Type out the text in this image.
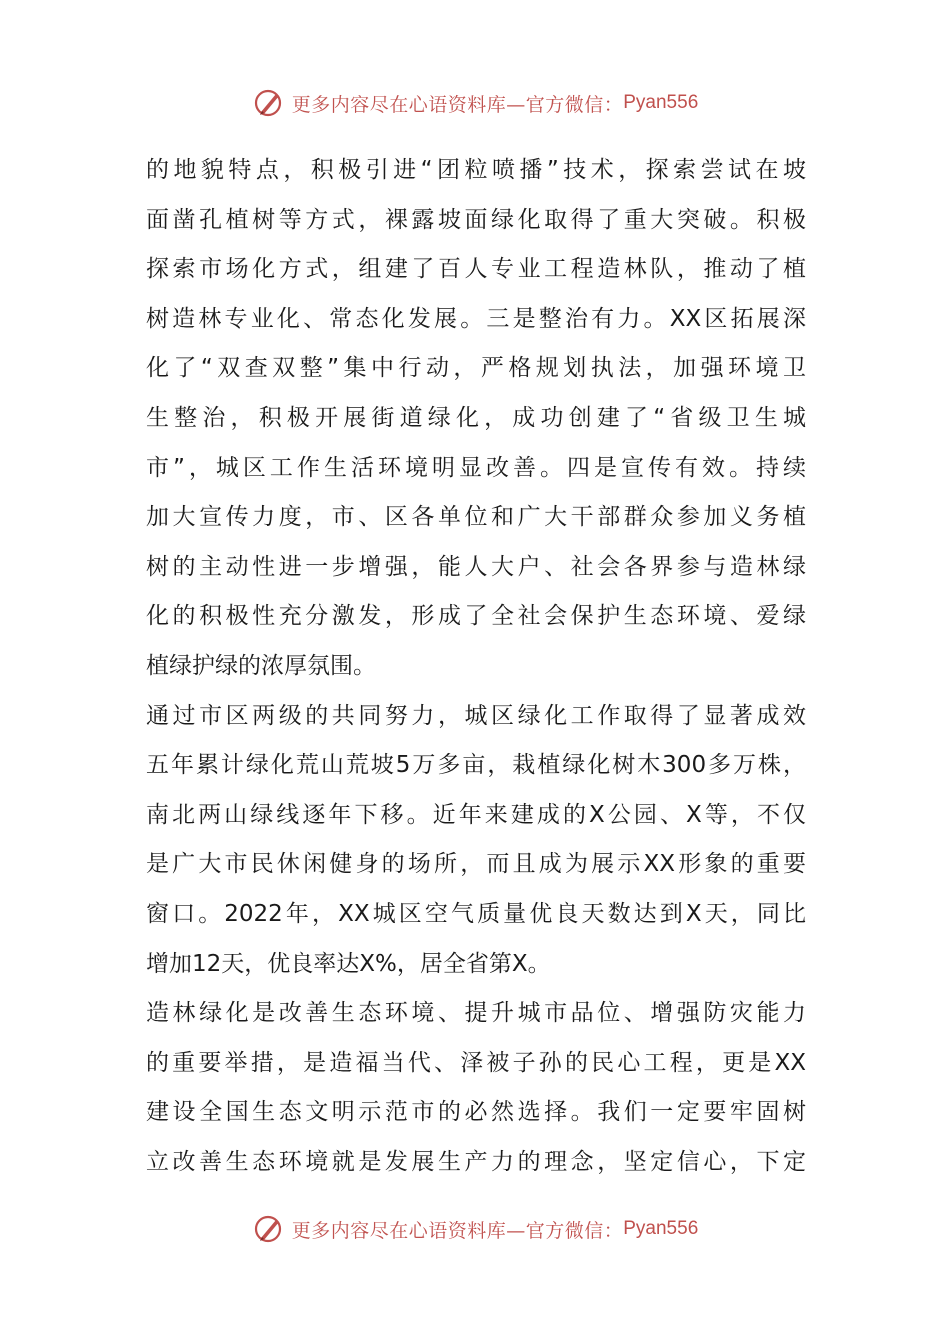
更多内容尽在心语资料库—官方微信： Pyan556
的地貌特点，积极引进“团粒喷播”技术，探索尝试在坡
面凿孔植树等方式，裸露坡面绿化取得了重大突破。积极
探索市场化方式，组建了百人专业工程造林队，推动了植
树造林专业化、常态化发展。三是整治有力。XX区拓展深
化了“双查双整”集中行动，严格规划执法，加强环境卫
生整治，积极开展街道绿化，成功创建了“省级卫生城
市”，城区工作生活环境明显改善。四是宣传有效。持续
加大宣传力度，市、区各单位和广大干部群众参加义务植
树的主动性进一步增强，能人大户、社会各界参与造林绿
化的积极性充分激发，形成了全社会保护生态环境、爱绿
植绿护绿的浓厚氛围。
通过市区两级的共同努力，城区绿化工作取得了显著成效
五年累计绿化荒山荒坡5万多亩，栽植绿化树木300多万株，
南北两山绿线逐年下移。近年来建成的X公园、X等，不仅
是广大市民休闲健身的场所，而且成为展示XX形象的重要
窗口。2022年，XX城区空气质量优良天数达到X天，同比
增加12天，优良率达X%，居全省第X。
造林绿化是改善生态环境、提升城市品位、增强防灾能力
的重要举措，是造福当代、泽被子孙的民心工程，更是XX
建设全国生态文明示范市的必然选择。我们一定要牢固树
立改善生态环境就是发展生产力的理念，坚定信心，下定
更多内容尽在心语资料库—官方微信： Pyan556
